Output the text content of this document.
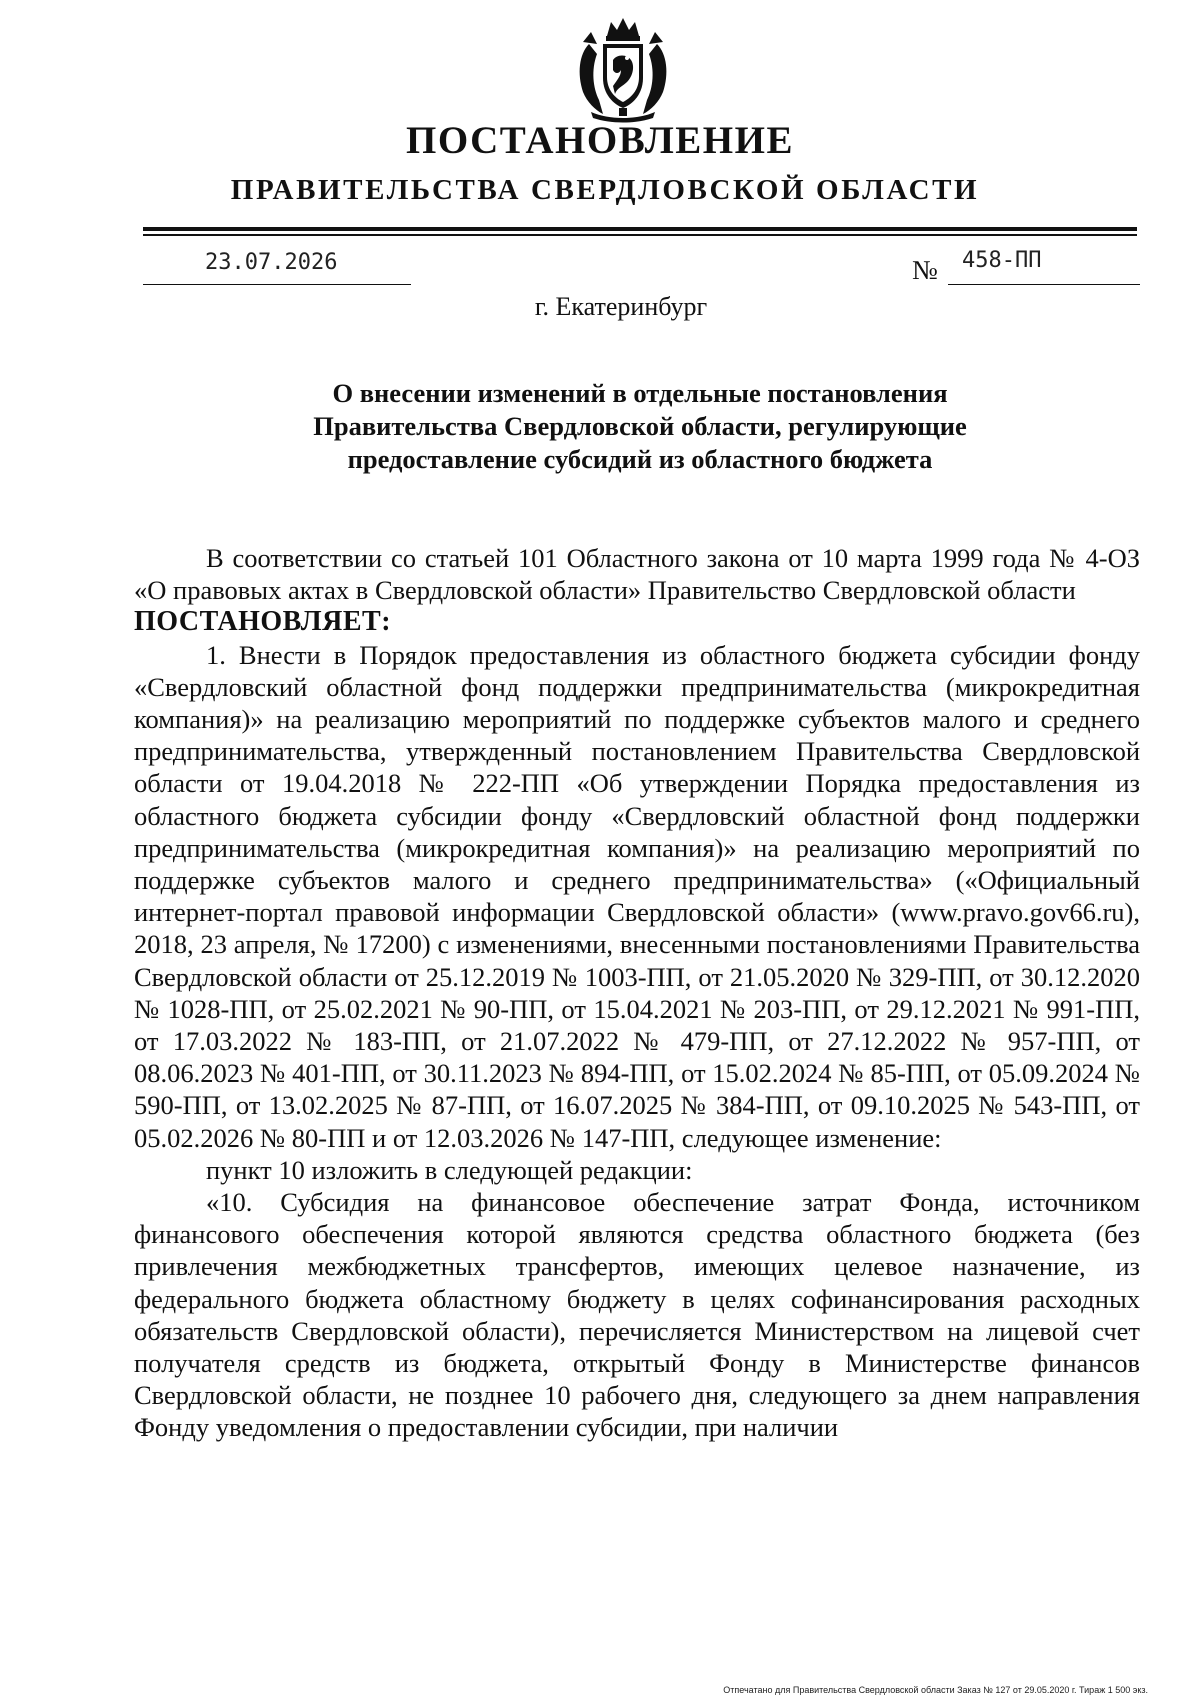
ПОСТАНОВЛЕНИЕ
ПРАВИТЕЛЬСТВА СВЕРДЛОВСКОЙ ОБЛАСТИ
23.07.2026	№ 458-ПП
г. Екатеринбург
О внесении изменений в отдельные постановления
Правительства Свердловской области, регулирующие
предоставление субсидий из областного бюджета

В соответствии со статьей 101 Областного закона от 10 марта 1999 года № 4-ОЗ «О правовых актах в Свердловской области» Правительство Свердловской области

ПОСТАНОВЛЯЕТ:

1. Внести в Порядок предоставления из областного бюджета субсидии фонду «Свердловский областной фонд поддержки предпринимательства (микрокредитная компания)» на реализацию мероприятий по поддержке субъектов малого и среднего предпринимательства, утвержденный постановлением Правительства Свердловской области от 19.04.2018 № 222-ПП «Об утверждении Порядка предоставления из областного бюджета субсидии фонду «Свердловский областной фонд поддержки предпринимательства (микрокредитная компания)» на реализацию мероприятий по поддержке субъектов малого и среднего предпринимательства» («Официальный интернет-портал правовой информации Свердловской области» (www.pravo.gov66.ru), 2018, 23 апреля, № 17200) с изменениями, внесенными постановлениями Правительства Свердловской области от 25.12.2019 № 1003-ПП, от 21.05.2020 № 329-ПП, от 30.12.2020 № 1028-ПП, от 25.02.2021 № 90-ПП, от 15.04.2021 № 203-ПП, от 29.12.2021 № 991-ПП, от 17.03.2022 № 183-ПП, от 21.07.2022 № 479-ПП, от 27.12.2022 № 957-ПП, от 08.06.2023 № 401-ПП, от 30.11.2023 № 894-ПП, от 15.02.2024 № 85-ПП, от 05.09.2024 № 590-ПП, от 13.02.2025 № 87-ПП, от 16.07.2025 № 384-ПП, от 09.10.2025 № 543-ПП, от 05.02.2026 № 80-ПП и от 12.03.2026 № 147-ПП, следующее изменение:

пункт 10 изложить в следующей редакции:

«10. Субсидия на финансовое обеспечение затрат Фонда, источником финансового обеспечения которой являются средства областного бюджета (без привлечения межбюджетных трансфертов, имеющих целевое назначение, из федерального бюджета областному бюджету в целях софинансирования расходных обязательств Свердловской области), перечисляется Министерством на лицевой счет получателя средств из бюджета, открытый Фонду в Министерстве финансов Свердловской области, не позднее 10 рабочего дня, следующего за днем направления Фонду уведомления о предоставлении субсидии, при наличии

Отпечатано для Правительства Свердловской области Заказ № 127 от 29.05.2020 г. Тираж 1 500 экз.
